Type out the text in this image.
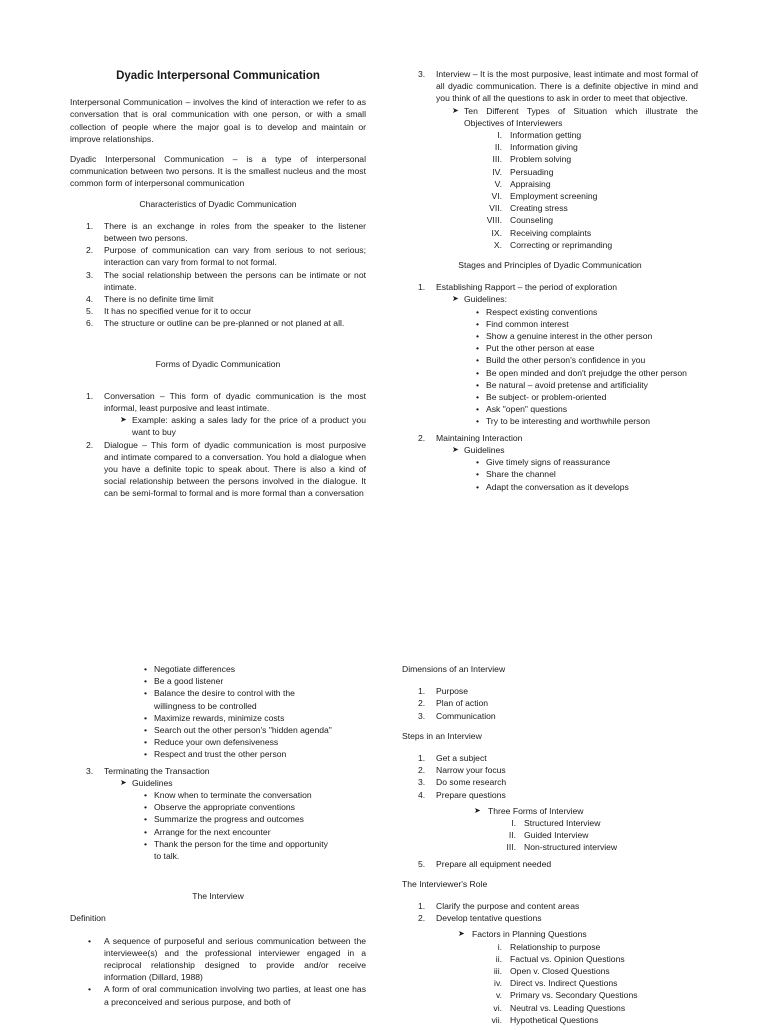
Dyadic Interpersonal Communication

Interpersonal Communication – involves the kind of interaction we refer to as conversation that is oral communication with one person, or with a small collection of people where the major goal is to develop and maintain or improve relationships.

Dyadic Interpersonal Communication – is a type of interpersonal communication between two persons. It is the smallest nucleus and the most common form of interpersonal communication

Characteristics of Dyadic Communication
1. There is an exchange in roles from the speaker to the listener between two persons.
2. Purpose of communication can vary from serious to not serious; interaction can vary from formal to not formal.
3. The social relationship between the persons can be intimate or not intimate.
4. There is no definite time limit
5. It has no specified venue for it to occur
6. The structure or outline can be pre-planned or not planed at all.
Forms of Dyadic Communication
1. Conversation – This form of dyadic communication is the most informal, least purposive and least intimate.
➤ Example: asking a sales lady for the price of a product you want to buy
2. Dialogue – This form of dyadic communication is most purposive and intimate compared to a conversation. You hold a dialogue when you have a definite topic to speak about. There is also a kind of social relationship between the persons involved in the dialogue. It can be semi-formal to formal and is more formal than a conversation
3. Interview – It is the most purposive, least intimate and most formal of all dyadic communication. There is a definite objective in mind and you think of all the questions to ask in order to meet that objective.
➤ Ten Different Types of Situation which illustrate the Objectives of Interviewers
I. Information getting
II. Information giving
III. Problem solving
IV. Persuading
V. Appraising
VI. Employment screening
VII. Creating stress
VIII. Counseling
IX. Receiving complaints
X. Correcting or reprimanding
Stages and Principles of Dyadic Communication
1. Establishing Rapport – the period of exploration
➤ Guidelines:
• Respect existing conventions
• Find common interest
• Show a genuine interest in the other person
• Put the other person at ease
• Build the other person's confidence in you
• Be open minded and don't prejudge the other person
• Be natural – avoid pretense and artificiality
• Be subject- or problem-oriented
• Ask "open" questions
• Try to be interesting and worthwhile person
2. Maintaining Interaction
➤ Guidelines
• Give timely signs of reassurance
• Share the channel
• Adapt the conversation as it develops
• Negotiate differences
• Be a good listener
• Balance the desire to control with the willingness to be controlled
• Maximize rewards, minimize costs
• Search out the other person's "hidden agenda"
• Reduce your own defensiveness
• Respect and trust the other person
3. Terminating the Transaction
➤ Guidelines
• Know when to terminate the conversation
• Observe the appropriate conventions
• Summarize the progress and outcomes
• Arrange for the next encounter
• Thank the person for the time and opportunity to talk.
The Interview
Definition
• A sequence of purposeful and serious communication between the interviewee(s) and the professional interviewer engaged in a reciprocal relationship designed to provide and/or receive information (Dillard, 1988)
• A form of oral communication involving two parties, at least one has a preconceived and serious purpose, and both of
Dimensions of an Interview
1. Purpose
2. Plan of action
3. Communication
Steps in an Interview
1. Get a subject
2. Narrow your focus
3. Do some research
4. Prepare questions
➤ Three Forms of Interview
I. Structured Interview
II. Guided Interview
III. Non-structured interview
5. Prepare all equipment needed
The Interviewer's Role
1. Clarify the purpose and content areas
2. Develop tentative questions
➤ Factors in Planning Questions
i. Relationship to purpose
ii. Factual vs. Opinion Questions
iii. Open v. Closed Questions
iv. Direct vs. Indirect Questions
v. Primary vs. Secondary Questions
vi. Neutral vs. Leading Questions
vii. Hypothetical Questions
